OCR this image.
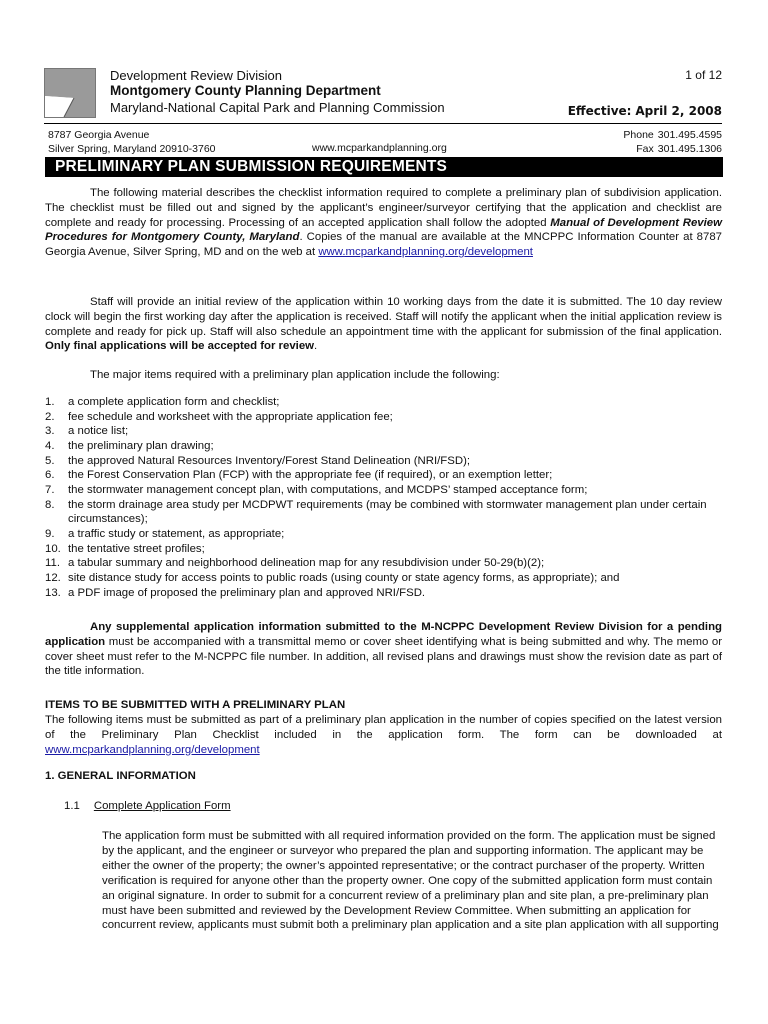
Development Review Division
Montgomery County Planning Department
Maryland-National Capital Park and Planning Commission
1 of 12
Effective: April 2, 2008
8787 Georgia Avenue
Silver Spring, Maryland 20910-3760	www.mcparkandplanning.org
Phone 301.495.4595
Fax 301.495.1306
PRELIMINARY PLAN SUBMISSION REQUIREMENTS

The following material describes the checklist information required to complete a preliminary plan of subdivision application. The checklist must be filled out and signed by the applicant’s engineer/surveyor certifying that the application and checklist are complete and ready for processing. Processing of an accepted application shall follow the adopted Manual of Development Review Procedures for Montgomery County, Maryland. Copies of the manual are available at the MNCPPC Information Counter at 8787 Georgia Avenue, Silver Spring, MD and on the web at www.mcparkandplanning.org/development

Staff will provide an initial review of the application within 10 working days from the date it is submitted. The 10 day review clock will begin the first working day after the application is received. Staff will notify the applicant when the initial application review is complete and ready for pick up. Staff will also schedule an appointment time with the applicant for submission of the final application. Only final applications will be accepted for review.

The major items required with a preliminary plan application include the following:

1. a complete application form and checklist;
2. fee schedule and worksheet with the appropriate application fee;
3. a notice list;
4. the preliminary plan drawing;
5. the approved Natural Resources Inventory/Forest Stand Delineation (NRI/FSD);
6. the Forest Conservation Plan (FCP) with the appropriate fee (if required), or an exemption letter;
7. the stormwater management concept plan, with computations, and MCDPS’ stamped acceptance form;
8. the storm drainage area study per MCDPWT requirements (may be combined with stormwater management plan under certain circumstances);
9. a traffic study or statement, as appropriate;
10. the tentative street profiles;
11. a tabular summary and neighborhood delineation map for any resubdivision under 50-29(b)(2);
12. site distance study for access points to public roads (using county or state agency forms, as appropriate); and
13. a PDF image of proposed the preliminary plan and approved NRI/FSD.

Any supplemental application information submitted to the M-NCPPC Development Review Division for a pending application must be accompanied with a transmittal memo or cover sheet identifying what is being submitted and why. The memo or cover sheet must refer to the M-NCPPC file number. In addition, all revised plans and drawings must show the revision date as part of the title information.

ITEMS TO BE SUBMITTED WITH A PRELIMINARY PLAN

The following items must be submitted as part of a preliminary plan application in the number of copies specified on the latest version of the Preliminary Plan Checklist included in the application form. The form can be downloaded at www.mcparkandplanning.org/development

1. GENERAL INFORMATION
1.1 Complete Application Form

The application form must be submitted with all required information provided on the form. The application must be signed by the applicant, and the engineer or surveyor who prepared the plan and supporting information. The applicant may be either the owner of the property; the owner’s appointed representative; or the contract purchaser of the property. Written verification is required for anyone other than the property owner. One copy of the submitted application form must contain an original signature. In order to submit for a concurrent review of a preliminary plan and site plan, a pre-preliminary plan must have been submitted and reviewed by the Development Review Committee. When submitting an application for concurrent review, applicants must submit both a preliminary plan application and a site plan application with all supporting
